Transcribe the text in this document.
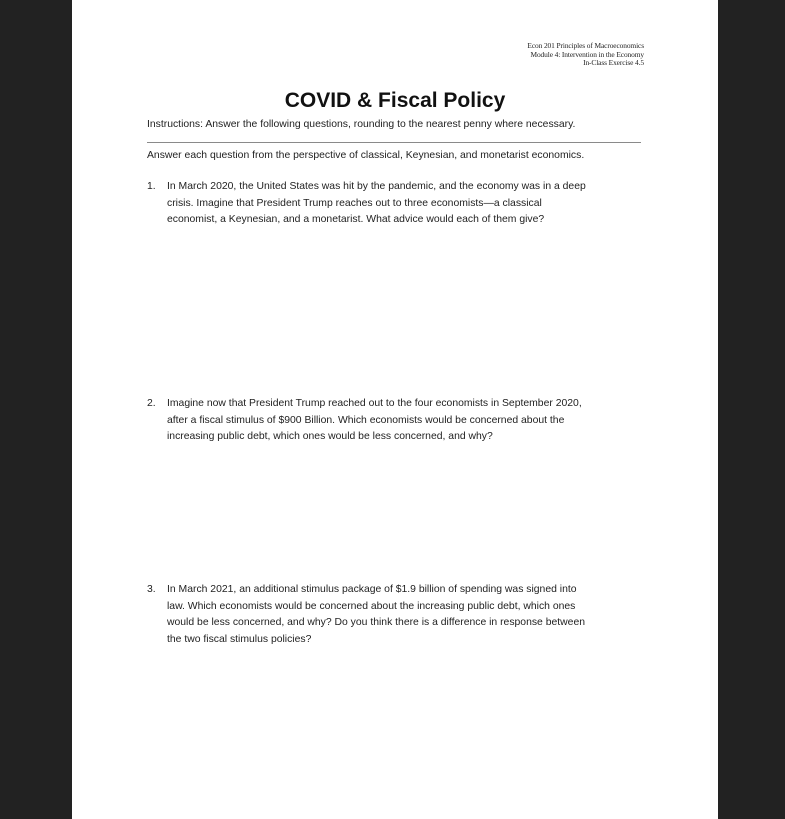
Econ 201 Principles of Macroeconomics
Module 4: Intervention in the Economy
In-Class Exercise 4.5
COVID & Fiscal Policy
Instructions: Answer the following questions, rounding to the nearest penny where necessary.
Answer each question from the perspective of classical, Keynesian, and monetarist economics.
1.	In March 2020, the United States was hit by the pandemic, and the economy was in a deep
crisis. Imagine that President Trump reaches out to three economists—a classical
economist, a Keynesian, and a monetarist. What advice would each of them give?
2.	Imagine now that President Trump reached out to the four economists in September 2020,
after a fiscal stimulus of $900 Billion. Which economists would be concerned about the
increasing public debt, which ones would be less concerned, and why?
3.	In March 2021, an additional stimulus package of $1.9 billion of spending was signed into
law. Which economists would be concerned about the increasing public debt, which ones
would be less concerned, and why? Do you think there is a difference in response between
the two fiscal stimulus policies?
